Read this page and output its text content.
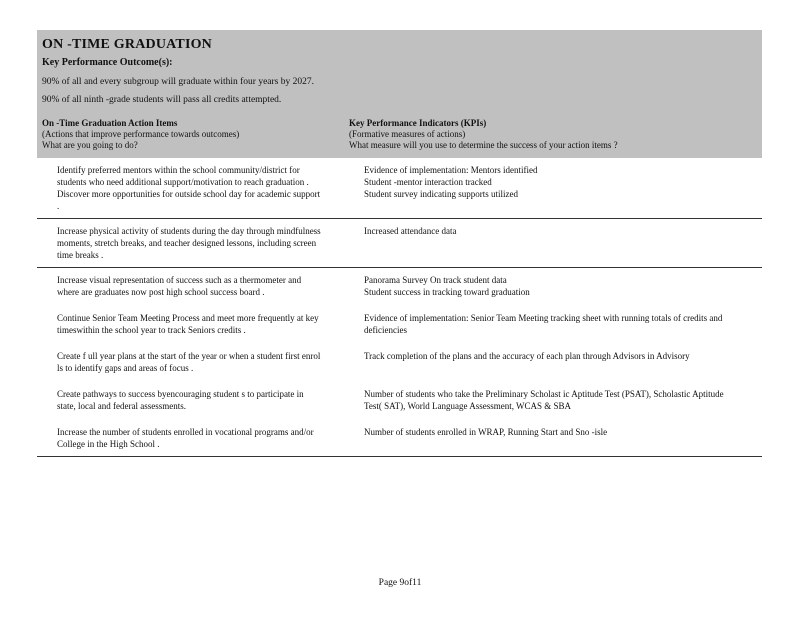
ON -TIME GRADUATION
Key Performance Outcome(s):
90% of all and every subgroup will graduate within four years by 2027.
90% of all ninth -grade students will pass all credits attempted.
On -Time Graduation Action Items
(Actions that improve performance towards outcomes)
What are you going to do?
Key Performance Indicators (KPIs)
(Formative measures of actions)
What measure will you use to determine the success of your action items ?
Identify preferred mentors within the school community/district for students who need additional support/motivation to reach graduation .
Discover more opportunities for outside school day for academic support .
Evidence of implementation: Mentors identified
Student -mentor interaction tracked
Student survey indicating supports utilized
Increase physical activity of students during the day through mindfulness moments, stretch breaks, and teacher designed lessons, including screen time breaks .
Increased attendance data
Increase visual representation of success such as a thermometer and where are graduates now post high school success board .
Panorama Survey On track student data
Student success in tracking toward graduation
Continue Senior Team Meeting Process and meet more frequently at key timeswithin the school year to track Seniors credits .
Evidence of implementation: Senior Team Meeting tracking sheet with running totals of credits and deficiencies
Create f ull year plans at the start of the year or when a student first enrol ls to identify gaps and areas of focus .
Track completion of the plans and the accuracy of each plan through Advisors in Advisory
Create pathways to success byencouraging student s to participate in state, local and federal assessments.
Number of students who take the Preliminary Scholast ic Aptitude Test (PSAT), Scholastic Aptitude Test( SAT), World Language Assessment, WCAS & SBA
Increase the number of students enrolled in vocational programs and/or College in the High School .
Number of students enrolled in WRAP, Running Start and Sno -isle
Page 9of11
